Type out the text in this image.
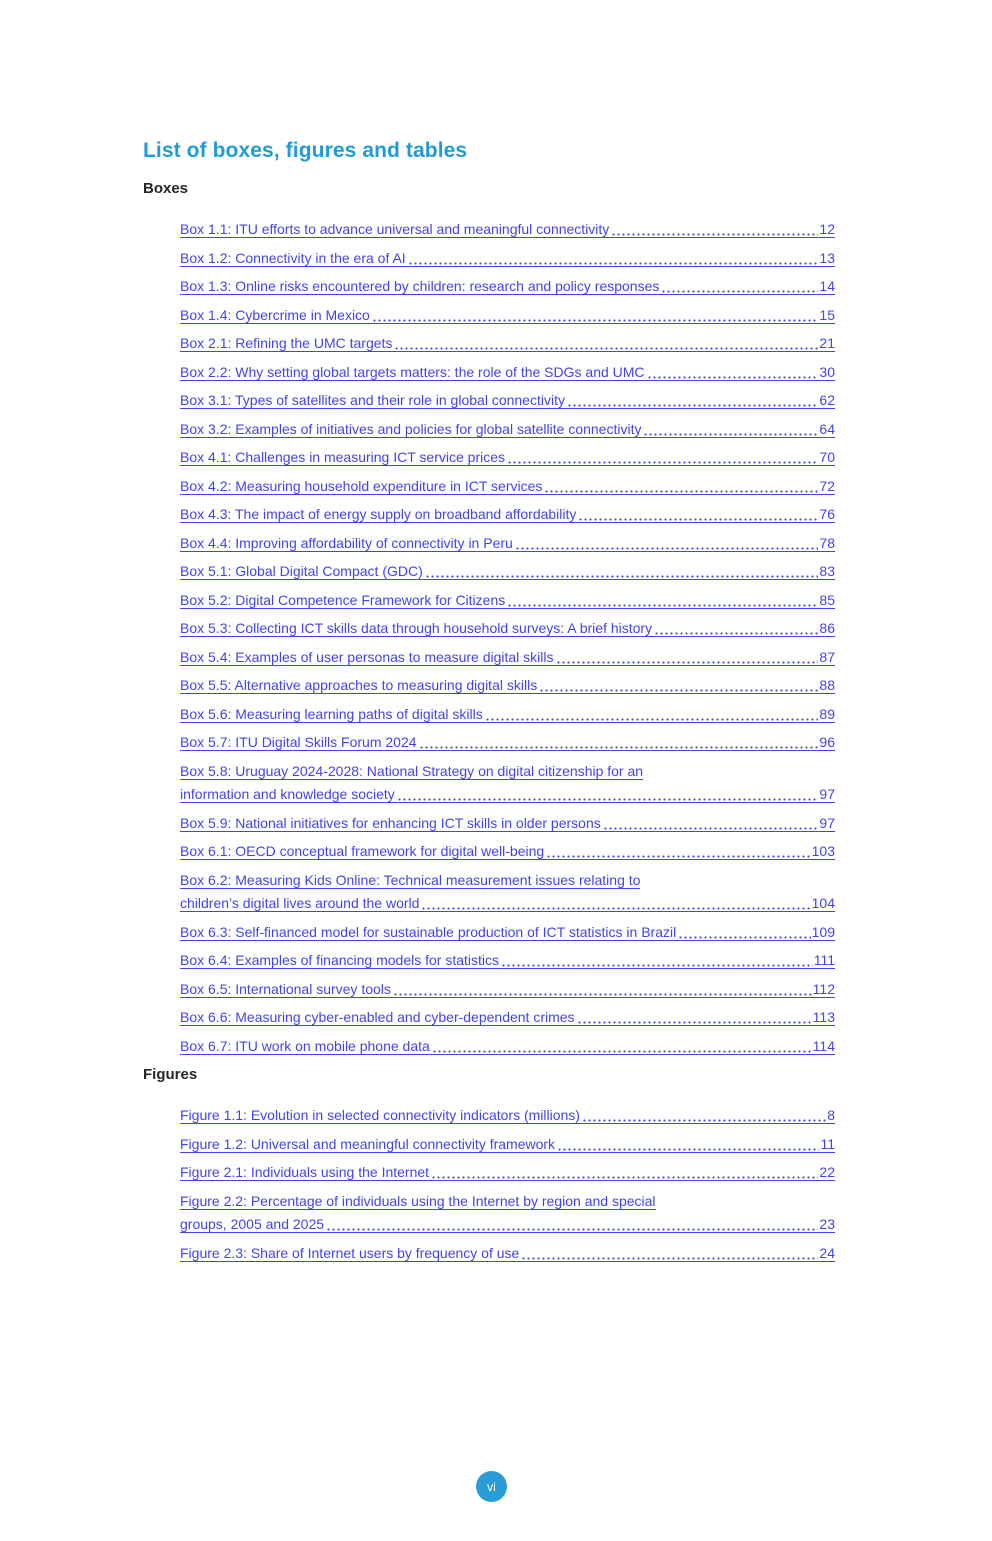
List of boxes, figures and tables
Boxes
Box 1.1: ITU efforts to advance universal and meaningful connectivity	12
Box 1.2: Connectivity in the era of AI	13
Box 1.3: Online risks encountered by children: research and policy responses	14
Box 1.4: Cybercrime in Mexico	15
Box 2.1: Refining the UMC targets	21
Box 2.2: Why setting global targets matters: the role of the SDGs and UMC	30
Box 3.1: Types of satellites and their role in global connectivity	62
Box 3.2: Examples of initiatives and policies for global satellite connectivity	64
Box 4.1: Challenges in measuring ICT service prices	70
Box 4.2: Measuring household expenditure in ICT services	72
Box 4.3: The impact of energy supply on broadband affordability	76
Box 4.4: Improving affordability of connectivity in Peru	78
Box 5.1: Global Digital Compact (GDC)	83
Box 5.2: Digital Competence Framework for Citizens	85
Box 5.3: Collecting ICT skills data through household surveys: A brief history	86
Box 5.4: Examples of user personas to measure digital skills	87
Box 5.5: Alternative approaches to measuring digital skills	88
Box 5.6: Measuring learning paths of digital skills	89
Box 5.7: ITU Digital Skills Forum 2024	96
Box 5.8: Uruguay 2024-2028: National Strategy on digital citizenship for an
information and knowledge society	97
Box 5.9: National initiatives for enhancing ICT skills in older persons	97
Box 6.1: OECD conceptual framework for digital well-being	103
Box 6.2: Measuring Kids Online: Technical measurement issues relating to
children’s digital lives around the world	104
Box 6.3: Self-financed model for sustainable production of ICT statistics in Brazil	109
Box 6.4: Examples of financing models for statistics	111
Box 6.5: International survey tools	112
Box 6.6: Measuring cyber-enabled and cyber-dependent crimes	113
Box 6.7: ITU work on mobile phone data	114
Figures
Figure 1.1: Evolution in selected connectivity indicators (millions)	8
Figure 1.2: Universal and meaningful connectivity framework	11
Figure 2.1: Individuals using the Internet	22
Figure 2.2: Percentage of individuals using the Internet by region and special
groups, 2005 and 2025	23
Figure 2.3: Share of Internet users by frequency of use	24
vi
